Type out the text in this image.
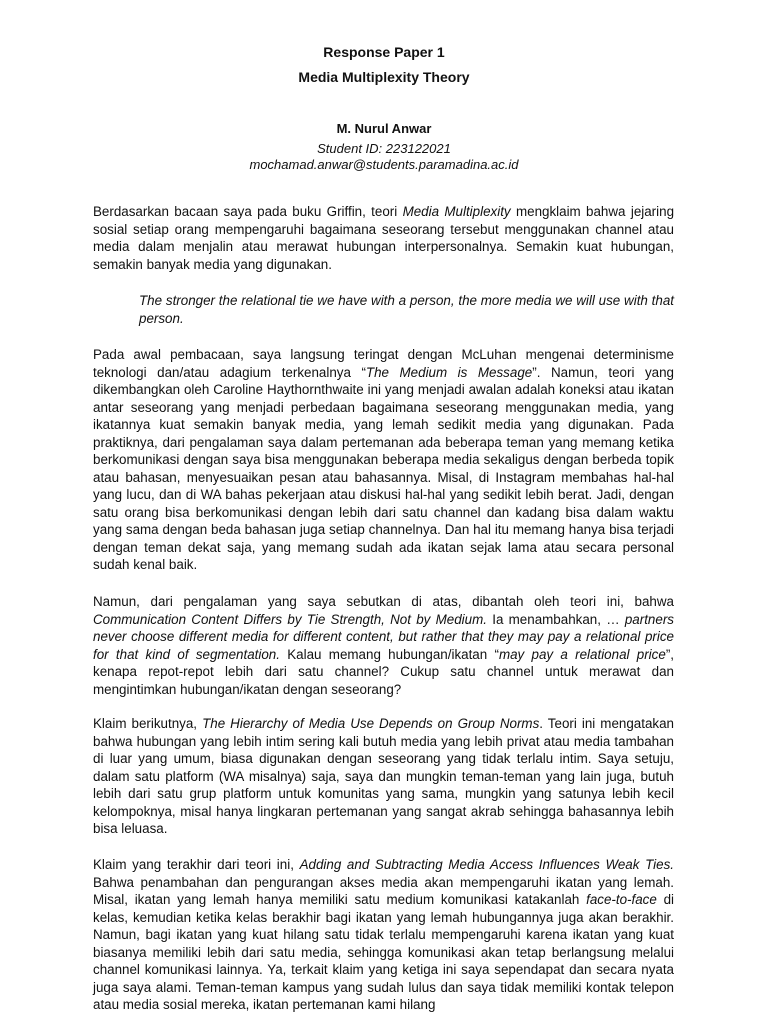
Response Paper 1
Media Multiplexity Theory
M. Nurul Anwar
Student ID: 223122021
mochamad.anwar@students.paramadina.ac.id

Berdasarkan bacaan saya pada buku Griffin, teori Media Multiplexity mengklaim bahwa jejaring sosial setiap orang mempengaruhi bagaimana seseorang tersebut menggunakan channel atau media dalam menjalin atau merawat hubungan interpersonalnya. Semakin kuat hubungan, semakin banyak media yang digunakan.

The stronger the relational tie we have with a person, the more media we will use with that person.

Pada awal pembacaan, saya langsung teringat dengan McLuhan mengenai determinisme teknologi dan/atau adagium terkenalnya “The Medium is Message”. Namun, teori yang dikembangkan oleh Caroline Haythornthwaite ini yang menjadi awalan adalah koneksi atau ikatan antar seseorang yang menjadi perbedaan bagaimana seseorang menggunakan media, yang ikatannya kuat semakin banyak media, yang lemah sedikit media yang digunakan. Pada praktiknya, dari pengalaman saya dalam pertemanan ada beberapa teman yang memang ketika berkomunikasi dengan saya bisa menggunakan beberapa media sekaligus dengan berbeda topik atau bahasan, menyesuaikan pesan atau bahasannya. Misal, di Instagram membahas hal-hal yang lucu, dan di WA bahas pekerjaan atau diskusi hal-hal yang sedikit lebih berat. Jadi, dengan satu orang bisa berkomunikasi dengan lebih dari satu channel dan kadang bisa dalam waktu yang sama dengan beda bahasan juga setiap channelnya. Dan hal itu memang hanya bisa terjadi dengan teman dekat saja, yang memang sudah ada ikatan sejak lama atau secara personal sudah kenal baik.

Namun, dari pengalaman yang saya sebutkan di atas, dibantah oleh teori ini, bahwa Communication Content Differs by Tie Strength, Not by Medium. Ia menambahkan, … partners never choose different media for different content, but rather that they may pay a relational price for that kind of segmentation. Kalau memang hubungan/ikatan “may pay a relational price”, kenapa repot-repot lebih dari satu channel? Cukup satu channel untuk merawat dan mengintimkan hubungan/ikatan dengan seseorang?

Klaim berikutnya, The Hierarchy of Media Use Depends on Group Norms. Teori ini mengatakan bahwa hubungan yang lebih intim sering kali butuh media yang lebih privat atau media tambahan di luar yang umum, biasa digunakan dengan seseorang yang tidak terlalu intim. Saya setuju, dalam satu platform (WA misalnya) saja, saya dan mungkin teman-teman yang lain juga, butuh lebih dari satu grup platform untuk komunitas yang sama, mungkin yang satunya lebih kecil kelompoknya, misal hanya lingkaran pertemanan yang sangat akrab sehingga bahasannya lebih bisa leluasa.

Klaim yang terakhir dari teori ini, Adding and Subtracting Media Access Influences Weak Ties. Bahwa penambahan dan pengurangan akses media akan mempengaruhi ikatan yang lemah. Misal, ikatan yang lemah hanya memiliki satu medium komunikasi katakanlah face-to-face di kelas, kemudian ketika kelas berakhir bagi ikatan yang lemah hubungannya juga akan berakhir. Namun, bagi ikatan yang kuat hilang satu tidak terlalu mempengaruhi karena ikatan yang kuat biasanya memiliki lebih dari satu media, sehingga komunikasi akan tetap berlangsung melalui channel komunikasi lainnya. Ya, terkait klaim yang ketiga ini saya sependapat dan secara nyata juga saya alami. Teman-teman kampus yang sudah lulus dan saya tidak memiliki kontak telepon atau media sosial mereka, ikatan pertemanan kami hilang
